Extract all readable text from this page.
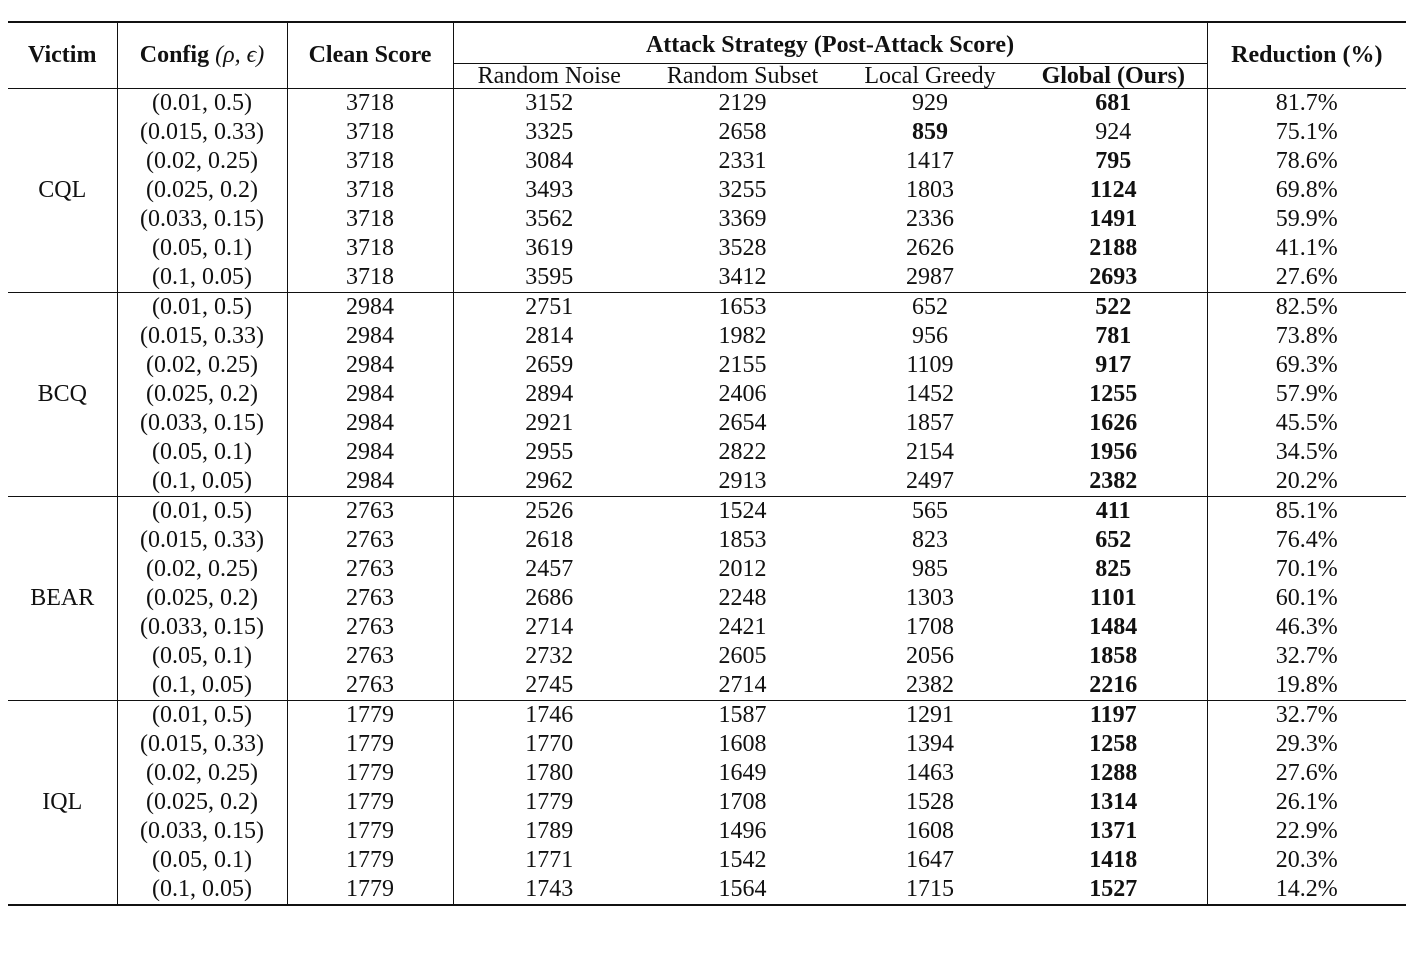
Victim	Config (ρ, ϵ)	Clean Score	Attack Strategy (Post-Attack Score)				Reduction (%)
			Random Noise	Random Subset	Local Greedy	Global (Ours)	
CQL	(0.01, 0.5)	3718	3152	2129	929	681	81.7%
	(0.015, 0.33)	3718	3325	2658	859	924	75.1%
	(0.02, 0.25)	3718	3084	2331	1417	795	78.6%
	(0.025, 0.2)	3718	3493	3255	1803	1124	69.8%
	(0.033, 0.15)	3718	3562	3369	2336	1491	59.9%
	(0.05, 0.1)	3718	3619	3528	2626	2188	41.1%
	(0.1, 0.05)	3718	3595	3412	2987	2693	27.6%
BCQ	(0.01, 0.5)	2984	2751	1653	652	522	82.5%
	(0.015, 0.33)	2984	2814	1982	956	781	73.8%
	(0.02, 0.25)	2984	2659	2155	1109	917	69.3%
	(0.025, 0.2)	2984	2894	2406	1452	1255	57.9%
	(0.033, 0.15)	2984	2921	2654	1857	1626	45.5%
	(0.05, 0.1)	2984	2955	2822	2154	1956	34.5%
	(0.1, 0.05)	2984	2962	2913	2497	2382	20.2%
BEAR	(0.01, 0.5)	2763	2526	1524	565	411	85.1%
	(0.015, 0.33)	2763	2618	1853	823	652	76.4%
	(0.02, 0.25)	2763	2457	2012	985	825	70.1%
	(0.025, 0.2)	2763	2686	2248	1303	1101	60.1%
	(0.033, 0.15)	2763	2714	2421	1708	1484	46.3%
	(0.05, 0.1)	2763	2732	2605	2056	1858	32.7%
	(0.1, 0.05)	2763	2745	2714	2382	2216	19.8%
IQL	(0.01, 0.5)	1779	1746	1587	1291	1197	32.7%
	(0.015, 0.33)	1779	1770	1608	1394	1258	29.3%
	(0.02, 0.25)	1779	1780	1649	1463	1288	27.6%
	(0.025, 0.2)	1779	1779	1708	1528	1314	26.1%
	(0.033, 0.15)	1779	1789	1496	1608	1371	22.9%
	(0.05, 0.1)	1779	1771	1542	1647	1418	20.3%
	(0.1, 0.05)	1779	1743	1564	1715	1527	14.2%
